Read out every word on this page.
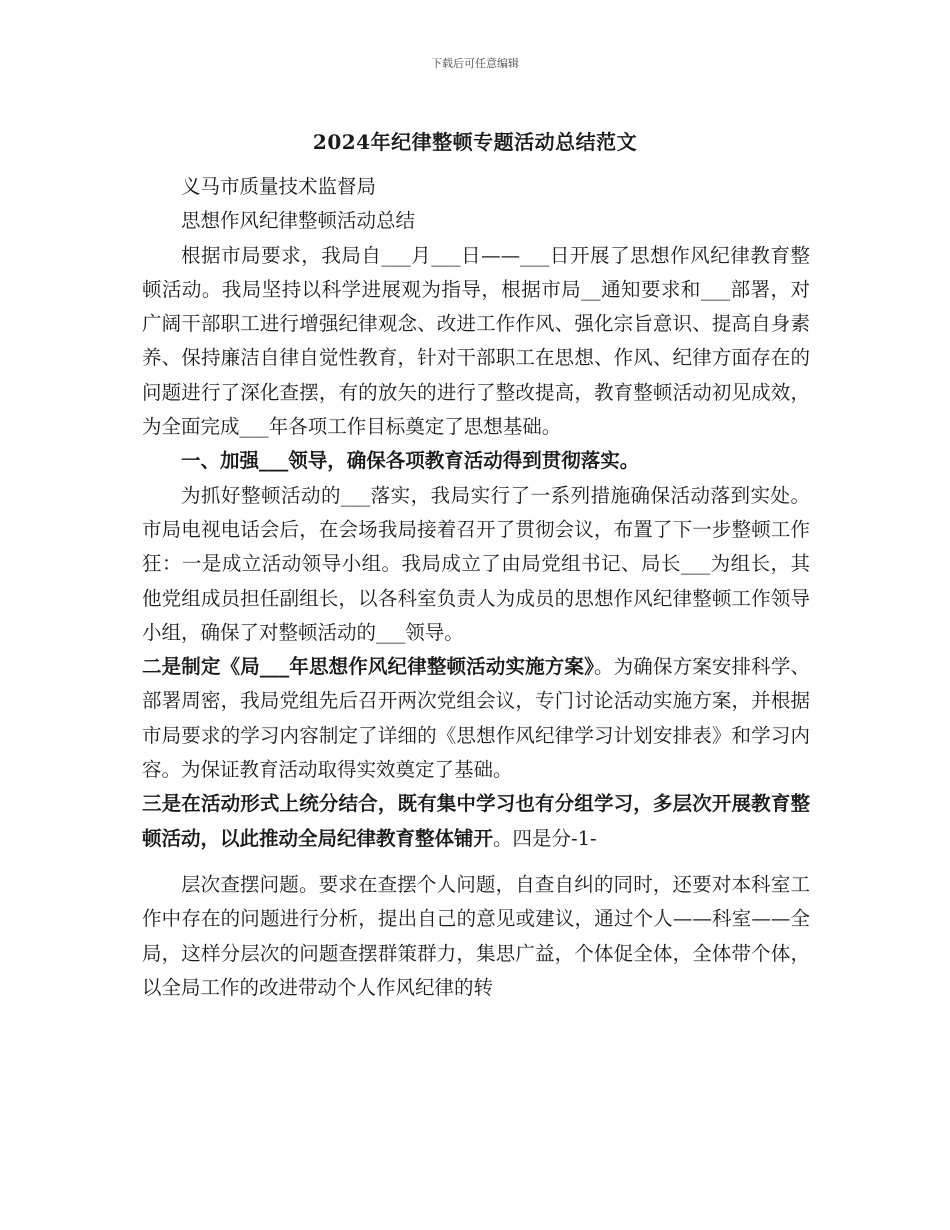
下载后可任意编辑
2024年纪律整顿专题活动总结范文

义马市质量技术监督局

思想作风纪律整顿活动总结

根据市局要求，我局自___月___日——___日开展了思想作风纪律教育整顿活动。我局坚持以科学进展观为指导，根据市局__通知要求和___部署，对广阔干部职工进行增强纪律观念、改进工作作风、强化宗旨意识、提高自身素养、保持廉洁自律自觉性教育，针对干部职工在思想、作风、纪律方面存在的问题进行了深化查摆，有的放矢的进行了整改提高，教育整顿活动初见成效，为全面完成___年各项工作目标奠定了思想基础。

一、加强___领导，确保各项教育活动得到贯彻落实。

为抓好整顿活动的___落实，我局实行了一系列措施确保活动落到实处。市局电视电话会后，在会场我局接着召开了贯彻会议，布置了下一步整顿工作狂：一是成立活动领导小组。我局成立了由局党组书记、局长___为组长，其他党组成员担任副组长，以各科室负责人为成员的思想作风纪律整顿工作领导小组，确保了对整顿活动的___领导。

二是制定《局___年思想作风纪律整顿活动实施方案》。为确保方案安排科学、部署周密，我局党组先后召开两次党组会议，专门讨论活动实施方案，并根据市局要求的学习内容制定了详细的《思想作风纪律学习计划安排表》和学习内容。为保证教育活动取得实效奠定了基础。

三是在活动形式上统分结合，既有集中学习也有分组学习，多层次开展教育整顿活动，以此推动全局纪律教育整体铺开。四是分-1-

层次查摆问题。要求在查摆个人问题，自查自纠的同时，还要对本科室工作中存在的问题进行分析，提出自己的意见或建议，通过个人——科室——全局，这样分层次的问题查摆群策群力，集思广益，个体促全体，全体带个体，以全局工作的改进带动个人作风纪律的转
